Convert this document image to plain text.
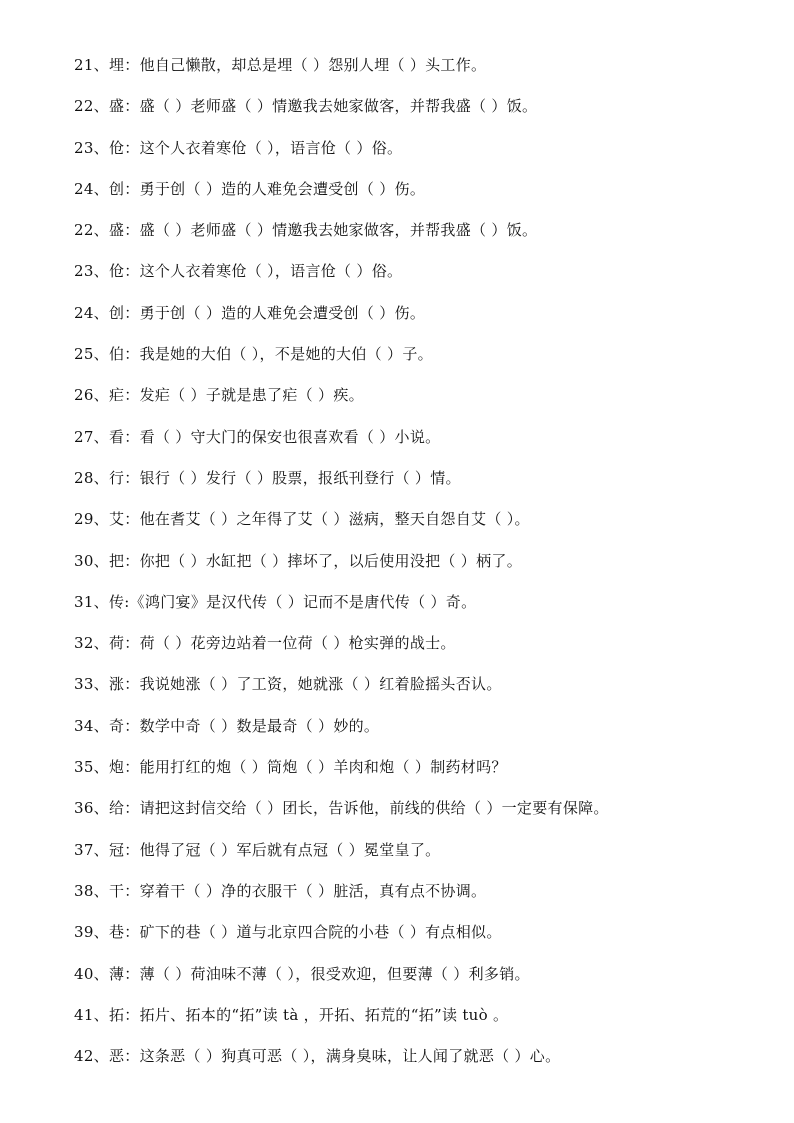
21、埋：他自己懒散，却总是埋（ ）怨别人埋（ ）头工作。
22、盛：盛（ ）老师盛（ ）情邀我去她家做客，并帮我盛（ ）饭。
23、伧：这个人衣着寒伧（ ），语言伧（ ）俗。
24、创：勇于创（ ）造的人难免会遭受创（ ）伤。
22、盛：盛（ ）老师盛（ ）情邀我去她家做客，并帮我盛（ ）饭。
23、伧：这个人衣着寒伧（ ），语言伧（ ）俗。
24、创：勇于创（ ）造的人难免会遭受创（ ）伤。
25、伯：我是她的大伯（ ），不是她的大伯（ ）子。
26、疟：发疟（ ）子就是患了疟（ ）疾。
27、看：看（ ）守大门的保安也很喜欢看（ ）小说。
28、行：银行（ ）发行（ ）股票，报纸刊登行（ ）情。
29、艾：他在耆艾（ ）之年得了艾（ ）滋病，整天自怨自艾（ ）。
30、把：你把（ ）水缸把（ ）摔坏了，以后使用没把（ ）柄了。
31、传:《鸿门宴》是汉代传（ ）记而不是唐代传（ ）奇。
32、荷：荷（ ）花旁边站着一位荷（ ）枪实弹的战士。
33、涨：我说她涨（ ）了工资，她就涨（ ）红着脸摇头否认。
34、奇：数学中奇（ ）数是最奇（ ）妙的。
35、炮：能用打红的炮（ ）筒炮（ ）羊肉和炮（ ）制药材吗？
36、给：请把这封信交给（ ）团长，告诉他，前线的供给（ ）一定要有保障。
37、冠：他得了冠（ ）军后就有点冠（ ）冕堂皇了。
38、干：穿着干（ ）净的衣服干（ ）脏活，真有点不协调。
39、巷：矿下的巷（ ）道与北京四合院的小巷（ ）有点相似。
40、薄：薄（ ）荷油味不薄（ ），很受欢迎，但要薄（ ）利多销。
41、拓：拓片、拓本的“拓”读 tà ，开拓、拓荒的“拓”读 tuò 。
42、恶：这条恶（ ）狗真可恶（ ），满身臭味，让人闻了就恶（ ）心。
